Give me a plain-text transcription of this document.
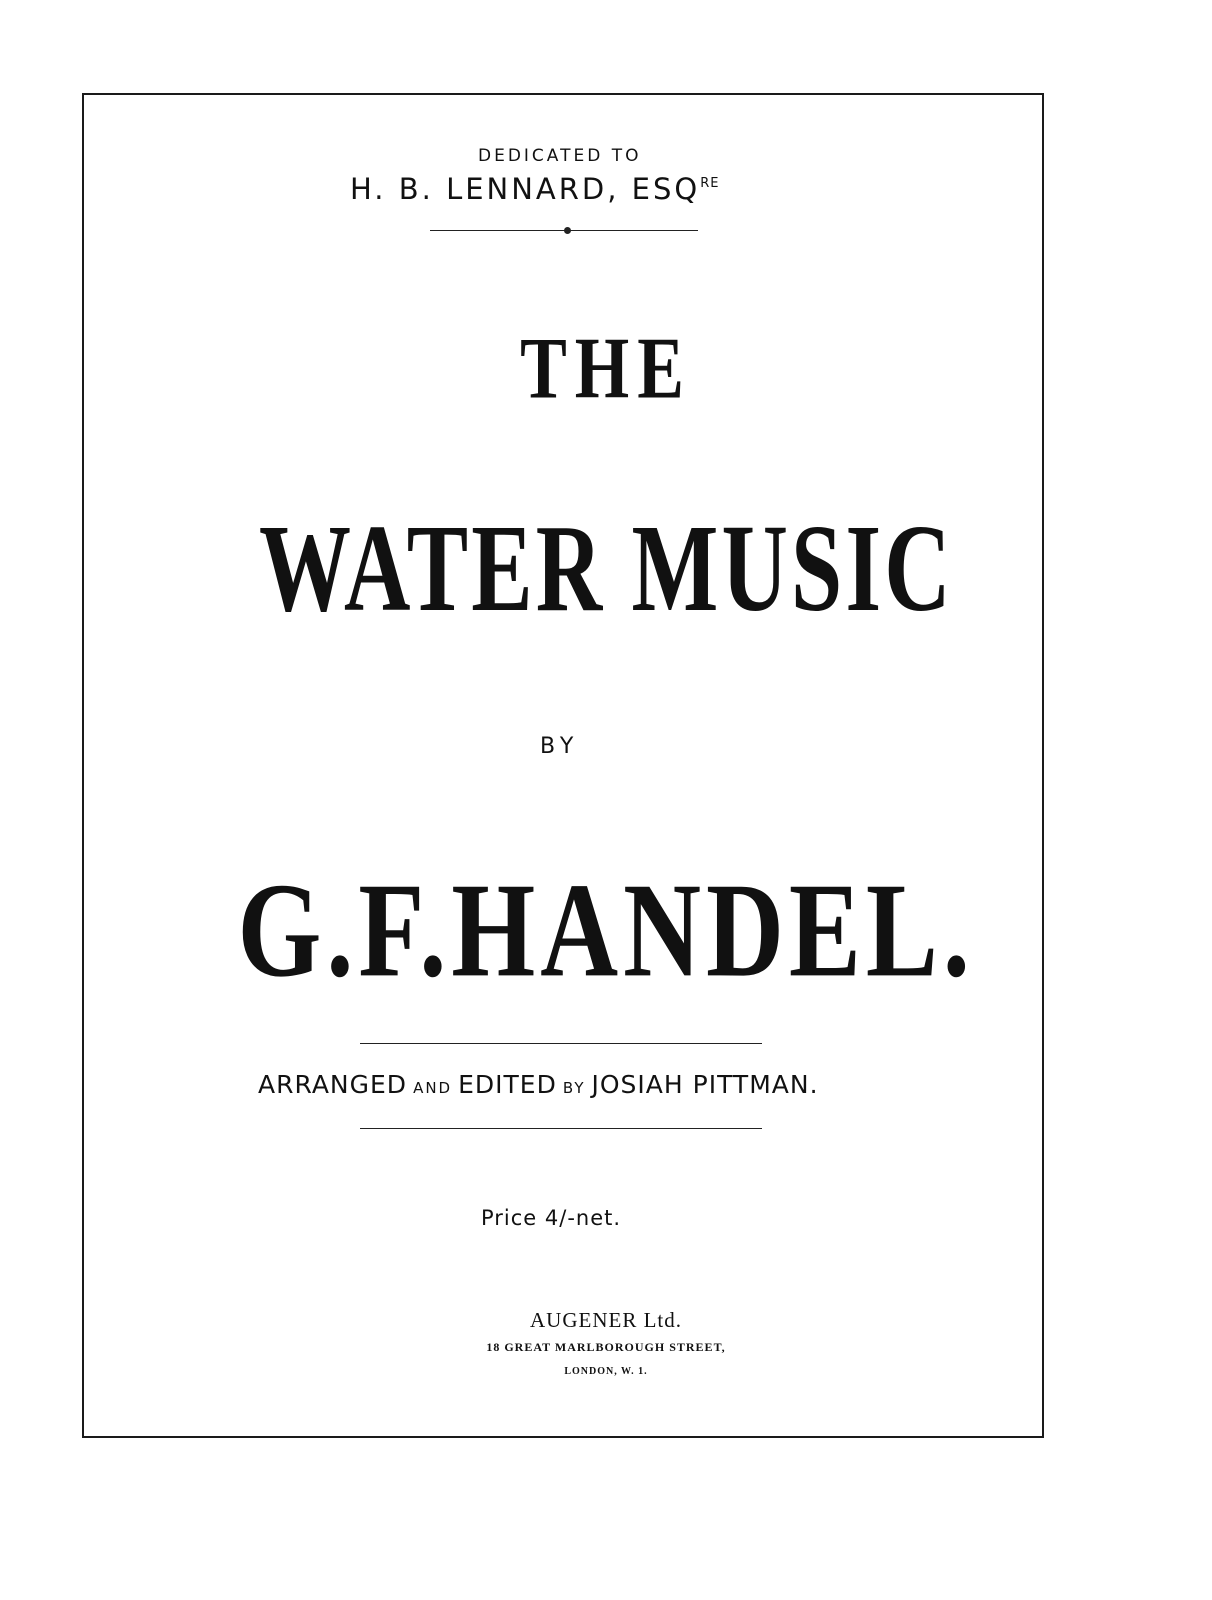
DEDICATED TO
H. B. LENNARD, $ESQ^{RE}$
THE
WATER MUSIC
BY
G.F.HANDEL.
ARRANGED AND EDITED BY JOSIAH PITTMAN.
Price 4/-net.
AUGENER Ltd.
18 GREAT MARLBOROUGH STREET,
LONDON, W. 1.
